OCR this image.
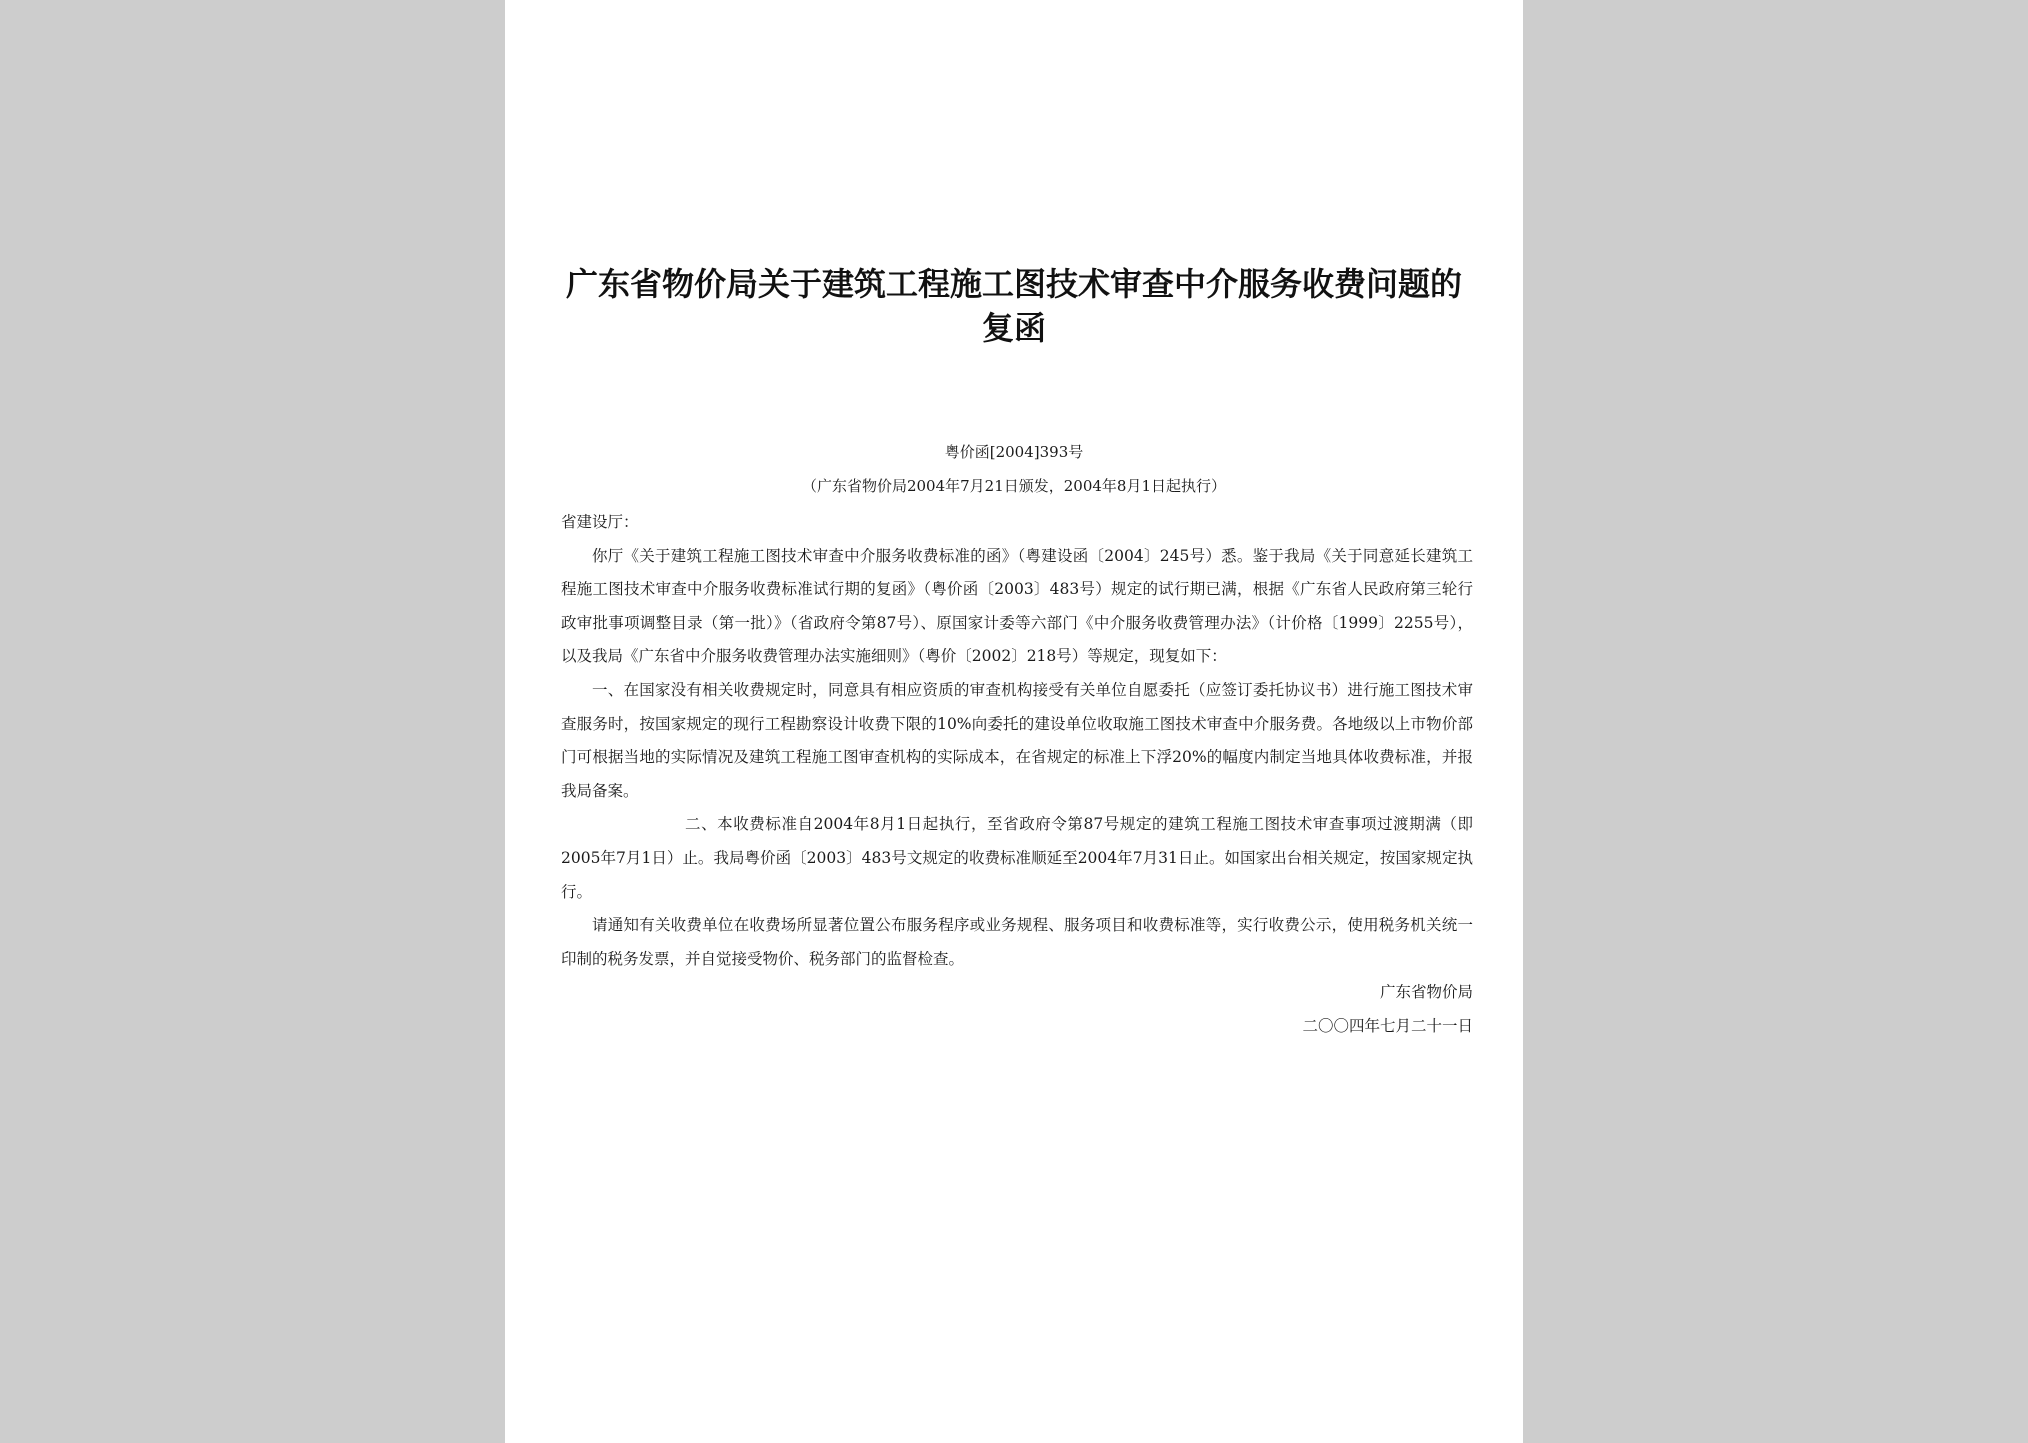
广东省物价局关于建筑工程施工图技术审查中介服务收费问题的复函
粤价函[2004]393号
（广东省物价局2004年7月21日颁发，2004年8月1日起执行）

省建设厅：

你厅《关于建筑工程施工图技术审查中介服务收费标准的函》（粤建设函〔2004〕245号）悉。鉴于我局《关于同意延长建筑工程施工图技术审查中介服务收费标准试行期的复函》（粤价函〔2003〕483号）规定的试行期已满，根据《广东省人民政府第三轮行政审批事项调整目录（第一批）》（省政府令第87号）、原国家计委等六部门《中介服务收费管理办法》（计价格〔1999〕2255号），以及我局《广东省中介服务收费管理办法实施细则》（粤价〔2002〕218号）等规定，现复如下：

一、在国家没有相关收费规定时，同意具有相应资质的审查机构接受有关单位自愿委托（应签订委托协议书）进行施工图技术审查服务时，按国家规定的现行工程勘察设计收费下限的10%向委托的建设单位收取施工图技术审查中介服务费。各地级以上市物价部门可根据当地的实际情况及建筑工程施工图审查机构的实际成本，在省规定的标准上下浮20%的幅度内制定当地具体收费标准，并报我局备案。

二、本收费标准自2004年8月1日起执行，至省政府令第87号规定的建筑工程施工图技术审查事项过渡期满（即2005年7月1日）止。我局粤价函〔2003〕483号文规定的收费标准顺延至2004年7月31日止。如国家出台相关规定，按国家规定执行。

请通知有关收费单位在收费场所显著位置公布服务程序或业务规程、服务项目和收费标准等，实行收费公示，使用税务机关统一印制的税务发票，并自觉接受物价、税务部门的监督检查。

广东省物价局

二〇〇四年七月二十一日
